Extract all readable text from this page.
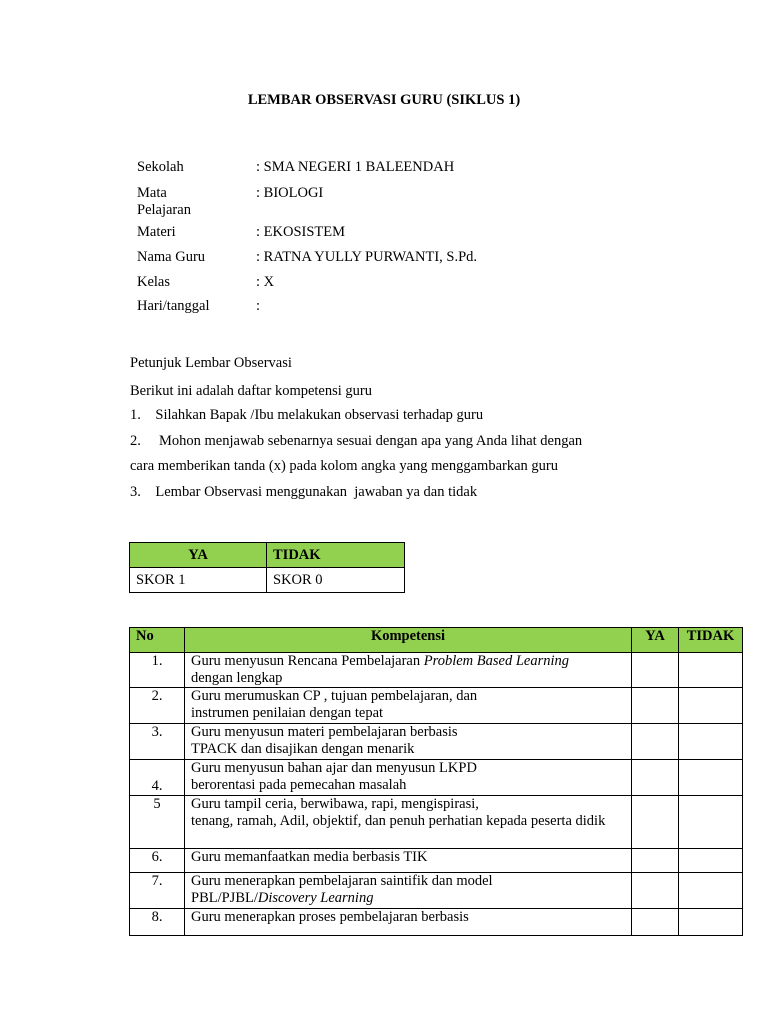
LEMBAR OBSERVASI GURU (SIKLUS 1)
Sekolah	: SMA NEGERI 1 BALEENDAH
Mata Pelajaran
: BIOLOGI
Materi	: EKOSISTEM
Nama Guru	: RATNA YULLY PURWANTI, S.Pd.
Kelas	: X
Hari/tanggal	:
Petunjuk Lembar Observasi
Berikut ini adalah daftar kompetensi guru
1.    Silahkan Bapak /Ibu melakukan observasi terhadap guru
2.     Mohon menjawab sebenarnya sesuai dengan apa yang Anda lihat dengan
cara memberikan tanda (x) pada kolom angka yang menggambarkan guru
3.    Lembar Observasi menggunakan  jawaban ya dan tidak
YA	TIDAK
SKOR 1	SKOR 0
No	Kompetensi	YA	TIDAK
1.	Guru menyusun Rencana Pembelajaran Problem Based Learning
dengan lengkap		
2.	Guru merumuskan CP , tujuan pembelajaran, dan
instrumen penilaian dengan tepat		
3.	Guru menyusun materi pembelajaran berbasis
TPACK dan disajikan dengan menarik		
4.	Guru menyusun bahan ajar dan menyusun LKPD
berorentasi pada pemecahan masalah		
5	Guru tampil ceria, berwibawa, rapi, mengispirasi,
tenang, ramah, Adil, objektif, dan penuh perhatian kepada peserta didik		
6.	Guru memanfaatkan media berbasis TIK		
7.	Guru menerapkan pembelajaran saintifik dan model
PBL/PJBL/Discovery Learning		
8.	Guru menerapkan proses pembelajaran berbasis		
